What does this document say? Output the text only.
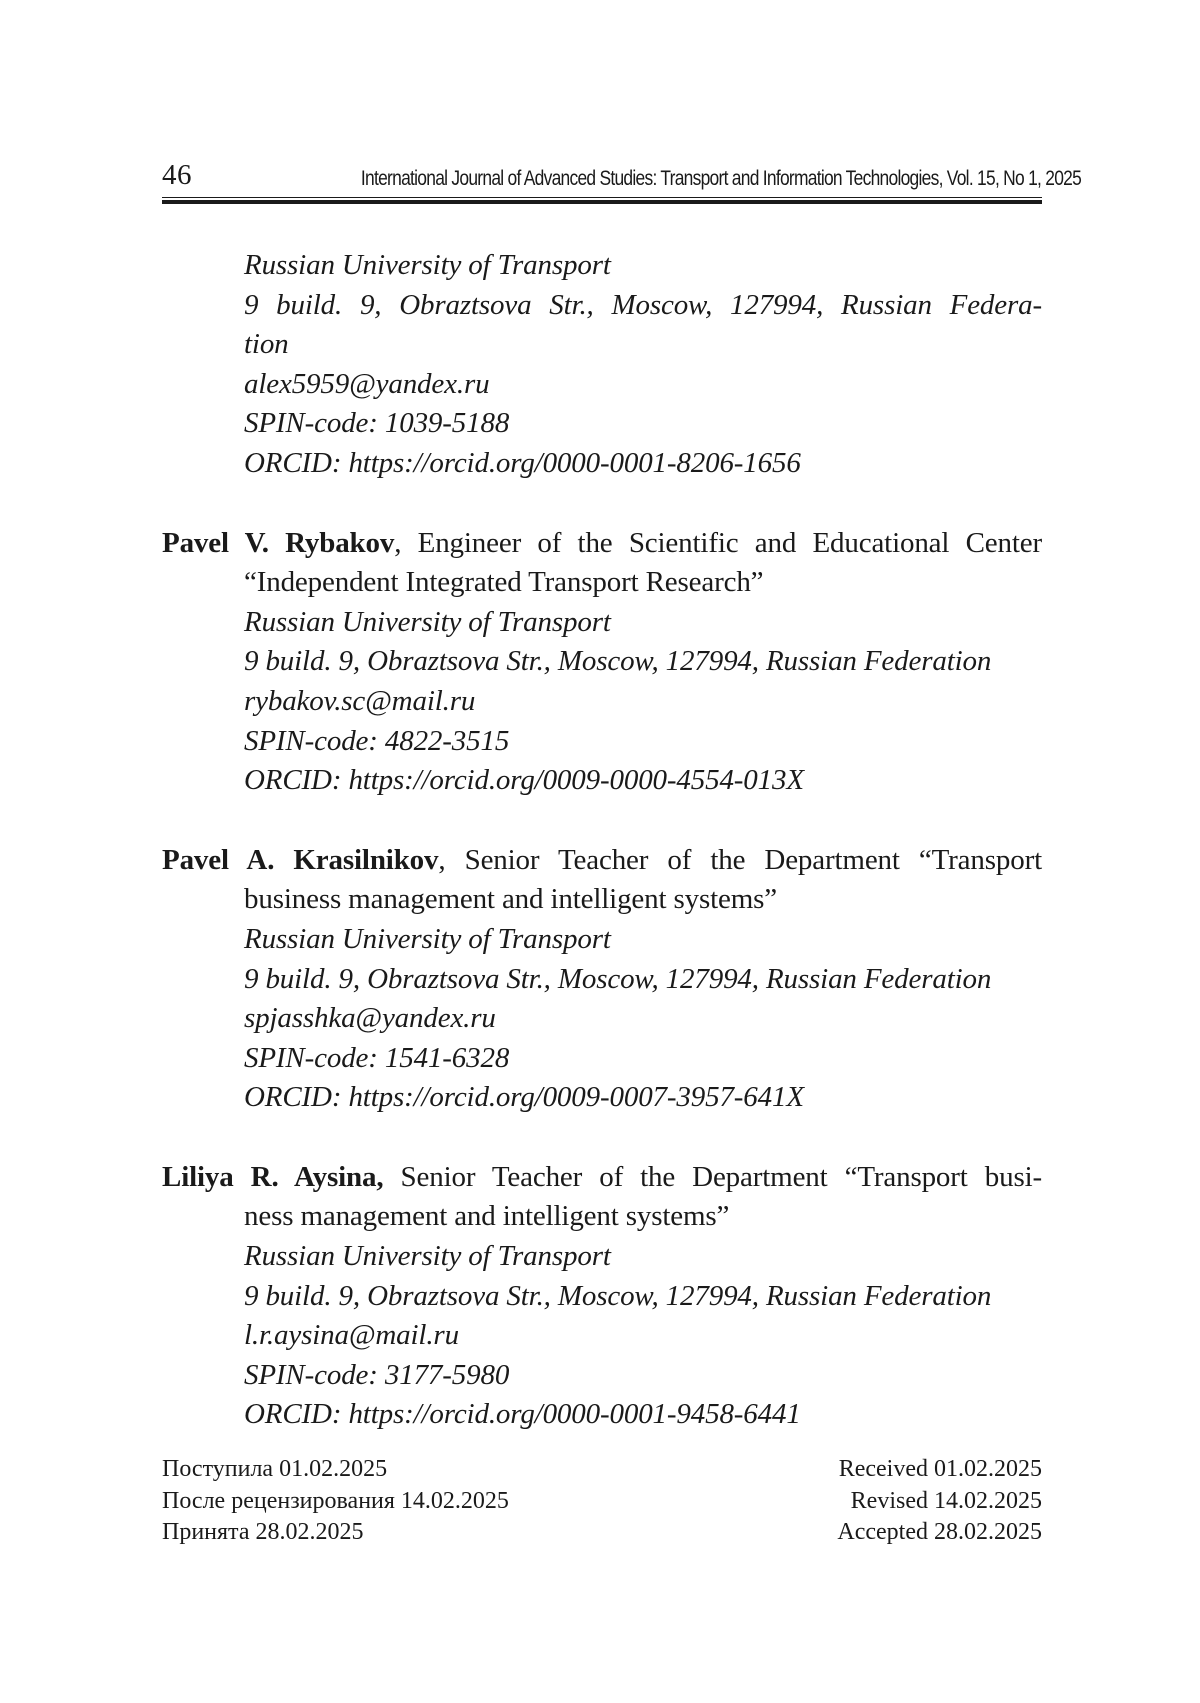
46	International Journal of Advanced Studies: Transport and Information Technologies, Vol. 15, No 1, 2025
Russian University of Transport
9 build. 9, Obraztsova Str., Moscow, 127994, Russian Federa-
tion
alex5959@yandex.ru
SPIN-code: 1039-5188
ORCID: https://orcid.org/0000-0001-8206-1656
Pavel V. Rybakov, Engineer of the Scientific and Educational Center
“Independent Integrated Transport Research”
Russian University of Transport
9 build. 9, Obraztsova Str., Moscow, 127994, Russian Federation
rybakov.sc@mail.ru
SPIN-code: 4822-3515
ORCID: https://orcid.org/0009-0000-4554-013X
Pavel A. Krasilnikov, Senior Teacher of the Department “Transport
business management and intelligent systems”
Russian University of Transport
9 build. 9, Obraztsova Str., Moscow, 127994, Russian Federation
spjasshka@yandex.ru
SPIN-code: 1541-6328
ORCID: https://orcid.org/0009-0007-3957-641X
Liliya R. Aysina, Senior Teacher of the Department “Transport busi-
ness management and intelligent systems”
Russian University of Transport
9 build. 9, Obraztsova Str., Moscow, 127994, Russian Federation
l.r.aysina@mail.ru
SPIN-code: 3177-5980
ORCID: https://orcid.org/0000-0001-9458-6441
Поступила 01.02.2025
После рецензирования 14.02.2025
Принята 28.02.2025
Received 01.02.2025
Revised 14.02.2025
Accepted 28.02.2025
